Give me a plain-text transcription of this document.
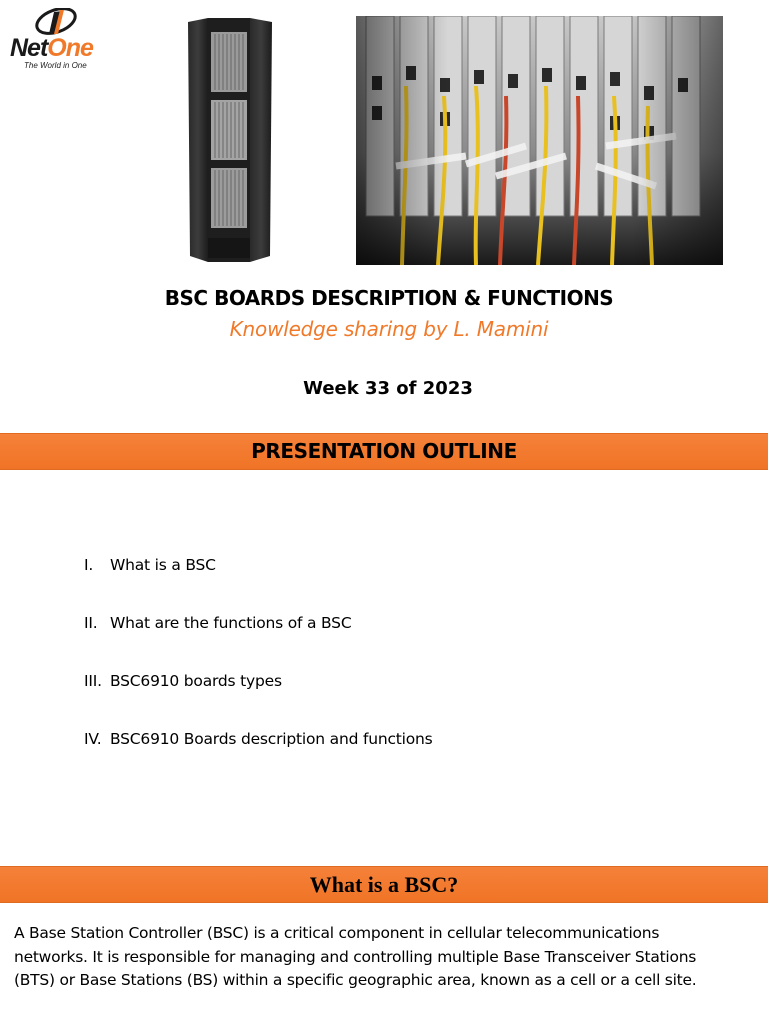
NetOne
The World in One
BSC BOARDS DESCRIPTION & FUNCTIONS
Knowledge sharing by L. Mamini
Week 33 of 2023
PRESENTATION OUTLINE
I.	What is a BSC
II. What are the functions of a BSC
III. BSC6910 boards types
IV. BSC6910 Boards description and functions
What is a BSC?
A Base Station Controller (BSC) is a critical component in cellular telecommunications networks. It is responsible for managing and controlling multiple Base Transceiver Stations (BTS) or Base Stations (BS) within a specific geographic area, known as a cell or a cell site.
